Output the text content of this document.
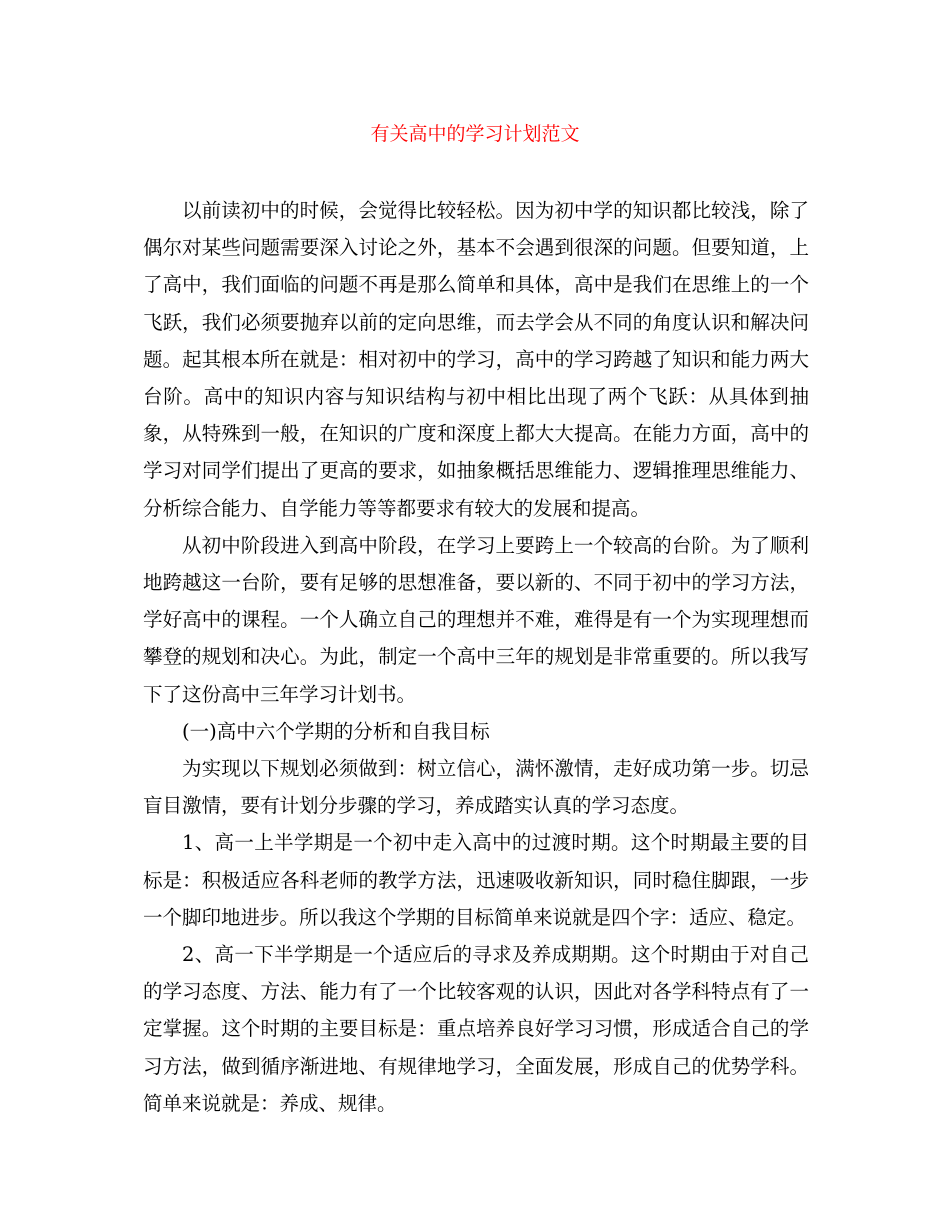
有关高中的学习计划范文

以前读初中的时候，会觉得比较轻松。因为初中学的知识都比较浅，除了偶尔对某些问题需要深入讨论之外，基本不会遇到很深的问题。但要知道，上了高中，我们面临的问题不再是那么简单和具体，高中是我们在思维上的一个飞跃，我们必须要抛弃以前的定向思维，而去学会从不同的角度认识和解决问题。起其根本所在就是：相对初中的学习，高中的学习跨越了知识和能力两大台阶。高中的知识内容与知识结构与初中相比出现了两个飞跃：从具体到抽象，从特殊到一般，在知识的广度和深度上都大大提高。在能力方面，高中的学习对同学们提出了更高的要求，如抽象概括思维能力、逻辑推理思维能力、分析综合能力、自学能力等等都要求有较大的发展和提高。

从初中阶段进入到高中阶段，在学习上要跨上一个较高的台阶。为了顺利地跨越这一台阶，要有足够的思想准备，要以新的、不同于初中的学习方法，学好高中的课程。一个人确立自己的理想并不难，难得是有一个为实现理想而攀登的规划和决心。为此，制定一个高中三年的规划是非常重要的。所以我写下了这份高中三年学习计划书。

(一)高中六个学期的分析和自我目标

为实现以下规划必须做到：树立信心，满怀激情，走好成功第一步。切忌盲目激情，要有计划分步骤的学习，养成踏实认真的学习态度。

1、高一上半学期是一个初中走入高中的过渡时期。这个时期最主要的目标是：积极适应各科老师的教学方法，迅速吸收新知识，同时稳住脚跟，一步一个脚印地进步。所以我这个学期的目标简单来说就是四个字：适应、稳定。

2、高一下半学期是一个适应后的寻求及养成期期。这个时期由于对自己的学习态度、方法、能力有了一个比较客观的认识，因此对各学科特点有了一定掌握。这个时期的主要目标是：重点培养良好学习习惯，形成适合自己的学习方法，做到循序渐进地、有规律地学习，全面发展，形成自己的优势学科。简单来说就是：养成、规律。
